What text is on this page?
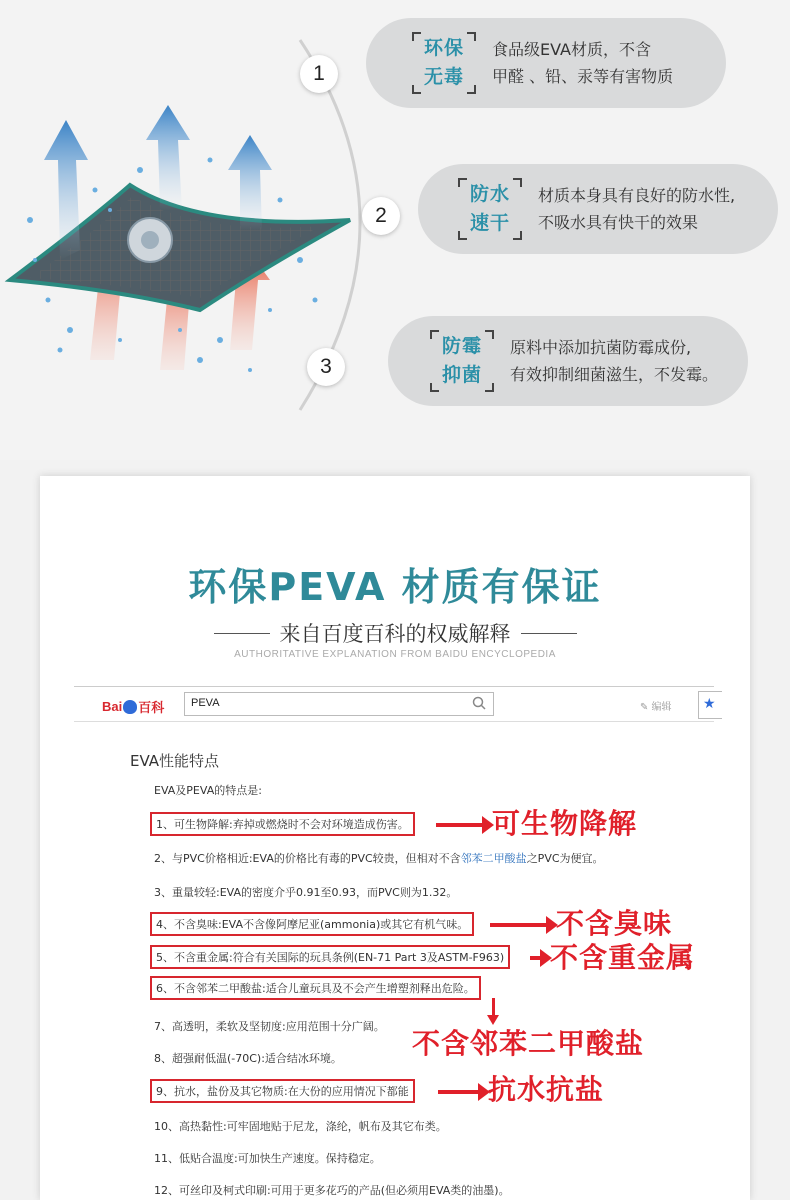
1
环保
无毒
食品级EVA材质，不含
甲醛 、铅、汞等有害物质
2
防水
速干
材质本身具有良好的防水性,
不吸水具有快干的效果
3
防霉
抑菌
原料中添加抗菌防霉成份,
有效抑制细菌滋生，不发霉。
环保PEVA 材质有保证
来自百度百科的权威解释
AUTHORITATIVE EXPLANATION FROM BAIDU ENCYCLOPEDIA
Bai 百科	PEVA	✎ 编辑	★
EVA性能特点
EVA及PEVA的特点是:
1、可生物降解:弃掉或燃烧时不会对环境造成伤害。
2、与PVC价格相近:EVA的价格比有毒的PVC较贵，但相对不含邻苯二甲酸盐之PVC为便宜。
3、重量较轻:EVA的密度介乎0.91至0.93，而PVC则为1.32。
4、不含臭味:EVA不含像阿摩尼亚(ammonia)或其它有机气味。
5、不含重金属:符合有关国际的玩具条例(EN-71 Part 3及ASTM-F963)
6、不含邻苯二甲酸盐:适合儿童玩具及不会产生增塑剂释出危险。
7、高透明，柔软及坚韧度:应用范围十分广阔。
8、超强耐低温(-70C):适合结冰环境。
9、抗水，盐份及其它物质:在大份的应用情况下都能
10、高热黏性:可牢固地贴于尼龙，涤纶，帆布及其它布类。
11、低贴合温度:可加快生产速度。保持稳定。
12、可丝印及柯式印刷:可用于更多花巧的产品(但必须用EVA类的油墨)。
可生物降解
不含臭味
不含重金属
不含邻苯二甲酸盐
抗水抗盐
